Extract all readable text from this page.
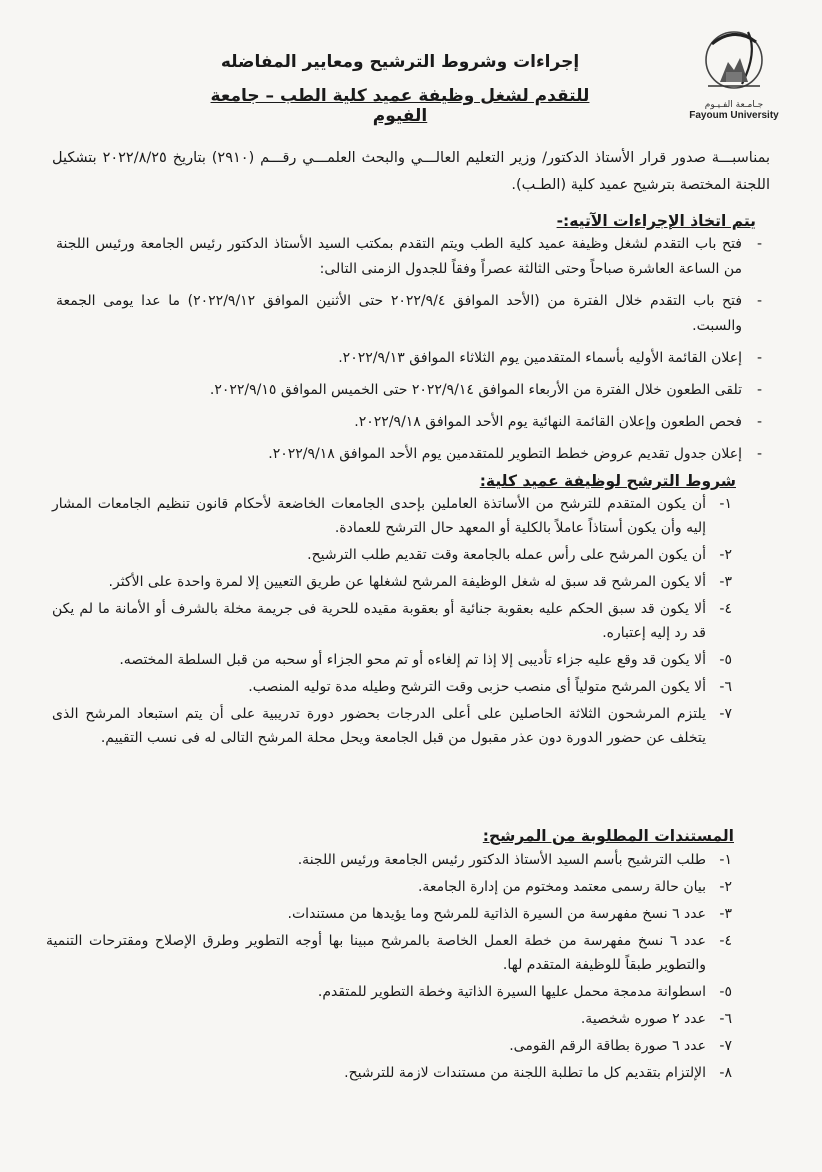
جـامـعة الفـيـوم
Fayoum University
إجراءات وشروط الترشيح ومعايير المفاضله
للتقدم لشغل وظيفة عميد كلية الطب – جامعة الفيوم
بمناسبـــة صدور قرار الأستاذ الدكتور/ وزير التعليم العالـــي والبحث العلمـــي رقـــم (٢٩١٠) بتاريخ ٢٠٢٢/٨/٢٥ بتشكيل اللجنة المختصة بترشيح عميد كلية (الطـب).
يتم اتخاذ الإجراءات الآتيه:-
- فتح باب التقدم لشغل وظيفة عميد كلية الطب ويتم التقدم بمكتب السيد الأستاذ الدكتور رئيس الجامعة ورئيس اللجنة من الساعة العاشرة صباحاً وحتى الثالثة عصراً وفقاً للجدول الزمنى التالى:
- فتح باب التقدم خلال الفترة من (الأحد الموافق ٢٠٢٢/٩/٤ حتى الأثنين الموافق ٢٠٢٢/٩/١٢) ما عدا يومى الجمعة والسبت.
- إعلان القائمة الأوليه بأسماء المتقدمين يوم الثلاثاء الموافق ٢٠٢٢/٩/١٣.
- تلقى الطعون خلال الفترة من الأربعاء الموافق ٢٠٢٢/٩/١٤ حتى الخميس الموافق ٢٠٢٢/٩/١٥.
- فحص الطعون وإعلان القائمة النهائية يوم الأحد الموافق ٢٠٢٢/٩/١٨.
- إعلان جدول تقديم عروض خطط التطوير للمتقدمين يوم الأحد الموافق ٢٠٢٢/٩/١٨.
شروط الترشح لوظيفة عميد كلية:
١-
أن يكون المتقدم للترشح من الأساتذة العاملين بإحدى الجامعات الخاضعة لأحكام قانون تنظيم الجامعات المشار إليه وأن يكون أستاذاً عاملاً بالكلية أو المعهد حال الترشح للعمادة.
٢-
أن يكون المرشح على رأس عمله بالجامعة وقت تقديم طلب الترشيح.
٣-
ألا يكون المرشح قد سبق له شغل الوظيفة المرشح لشغلها عن طريق التعيين إلا لمرة واحدة على الأكثر.
٤-
ألا يكون قد سبق الحكم عليه بعقوبة جنائية أو بعقوبة مقيده للحرية فى جريمة مخلة بالشرف أو الأمانة ما لم يكن قد رد إليه إعتباره.
٥-
ألا يكون قد وقع عليه جزاء تأديبى إلا إذا تم إلغاءه أو تم محو الجزاء أو سحبه من قبل السلطة المختصه.
٦-
ألا يكون المرشح متولياً أى منصب حزبى وقت الترشح وطيله مدة توليه المنصب.
٧-
يلتزم المرشحون الثلاثة الحاصلين على أعلى الدرجات بحضور دورة تدريبية على أن يتم استبعاد المرشح الذى يتخلف عن حضور الدورة دون عذر مقبول من قبل الجامعة ويحل محلة المرشح التالى له فى نسب التقييم.
المستندات المطلوبة من المرشح:
١-
طلب الترشيح بأسم السيد الأستاذ الدكتور رئيس الجامعة ورئيس اللجنة.
٢-
بيان حالة رسمى معتمد ومختوم من إدارة الجامعة.
٣-
عدد ٦ نسخ مفهرسة من السيرة الذاتية للمرشح وما يؤيدها من مستندات.
٤-
عدد ٦ نسخ مفهرسة من خطة العمل الخاصة بالمرشح مبينا بها أوجه التطوير وطرق الإصلاح ومقترحات التنمية والتطوير طبقاً للوظيفة المتقدم لها.
٥-
اسطوانة مدمجة محمل عليها السيرة الذاتية وخطة التطوير للمتقدم.
٦-
عدد ٢ صوره شخصية.
٧-
عدد ٦ صورة بطاقة الرقم القومى.
٨-
الإلتزام بتقديم كل ما تطلبة اللجنة من مستندات لازمة للترشيح.
